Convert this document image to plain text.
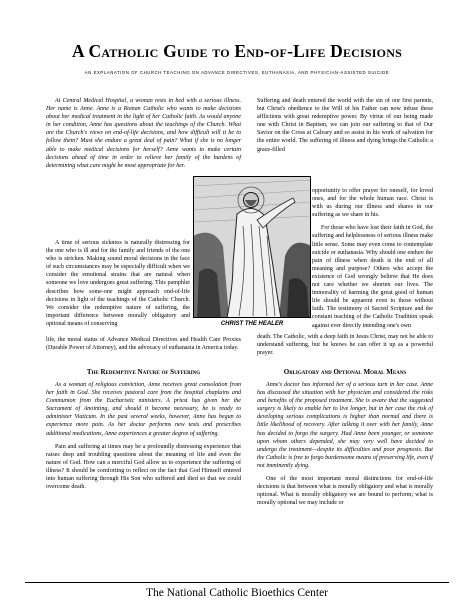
A Catholic Guide to End-of-Life Decisions
AN EXPLANATION OF CHURCH TEACHING ON ADVANCE DIRECTIVES, EUTHANASIA, AND PHYSICIAN-ASSISTED SUICIDE

At Central Medical Hospital, a woman rests in bed with a serious illness. Her name is Anne. Anne is a Roman Catholic who wants to make decisions about her medical treatment in the light of her Catholic faith. As would anyone in her condition, Anne has questions about the teachings of the Church. What are the Church's views on end-of-life decisions, and how difficult will it be to follow them? Must she endure a great deal of pain? What if she is no longer able to make medical decisions for herself? Anne wants to make certain decisions ahead of time in order to relieve her family of the burdens of determining what care might be most appropriate for her.

A time of serious sickness is naturally distressing for the one who is ill and for the family and friends of the one who is stricken. Making sound moral decisions in the face of such circumstances may be especially difficult when we consider the emotional strains that are natural when someone we love undergoes great suffering. This pamphlet describes how some-one might approach end-of-life decisions in light of the teachings of the Catholic Church. We consider the redemptive nature of suffering, the important difference between morally obligatory and optional means of conserving

life, the moral status of Advance Medical Directives and Health Care Proxies (Durable Power of Attorney), and the advocacy of euthanasia in America today.

The Redemptive Nature of Suffering

As a woman of religious conviction, Anne receives great consolation from her faith in God. She receives pastoral care from the hospital chaplains and Communion from the Eucharistic ministers. A priest has given her the Sacrament of Anointing, and should it become necessary, he is ready to administer Viaticum. In the past several weeks, however, Anne has begun to experience more pain. As her doctor performs new tests and prescribes additional medications, Anne experiences a greater degree of suffering.

Pain and suffering at times may be a profoundly distressing experience that raises deep and troubling questions about the meaning of life and even the nature of God. How can a merciful God allow us to experience the suffering of illness? It should be comforting to reflect on the fact that God Himself entered into human suffering through His Son who suffered and died so that we could overcome death.

Suffering and death entered the world with the sin of our first parents, but Christ's obedience to the Will of his Father can now infuse these afflictions with great redemptive power. By virtue of our being made one with Christ in Baptism, we can join our suffering to that of Our Savior on the Cross at Calvary and so assist in his work of salvation for the entire world. The suffering of illness and dying brings the Catholic a grace-filled

opportunity to offer prayer for oneself, for loved ones, and for the whole human race. Christ is with us during our illness and shares in our suffering as we share in his.

For those who have lost their faith in God, the suffering and helplessness of serious illness make little sense. Some may even come to contemplate suicide or euthanasia. Why should one endure the pain of illness when death is the end of all meaning and purpose? Others who accept the existence of God wrongly believe that He does not care whether we shorten our lives. The immorality of harming the great good of human life should be apparent even to those without faith. The testimony of Sacred Scripture and the constant teaching of the Catholic Tradition speak against ever directly intending one's own

death. The Catholic, with a deep faith in Jesus Christ, may not be able to understand suffering, but he knows he can offer it up as a powerful prayer.

Obligatory and Optional Moral Means

Anne's doctor has informed her of a serious turn in her case. Anne has discussed the situation with her physician and considered the risks and benefits of the proposed treatment. She is aware that the suggested surgery is likely to enable her to live longer, but in her case the risk of developing serious complications is higher than normal and there is little likelihood of recovery. After talking it over with her family, Anne has decided to forgo the surgery. Had Anne been younger, or someone upon whom others depended, she may very well have decided to undergo the treatment—despite its difficulties and poor prognosis. But the Catholic is free to forgo burdensome means of preserving life, even if not imminently dying.

One of the most important moral distinctions for end-of-life decisions is that between what is morally obligatory and what is morally optional. What is morally obligatory we are bound to perform; what is morally optional we may include or

CHRIST THE HEALER
The National Catholic Bioethics Center
